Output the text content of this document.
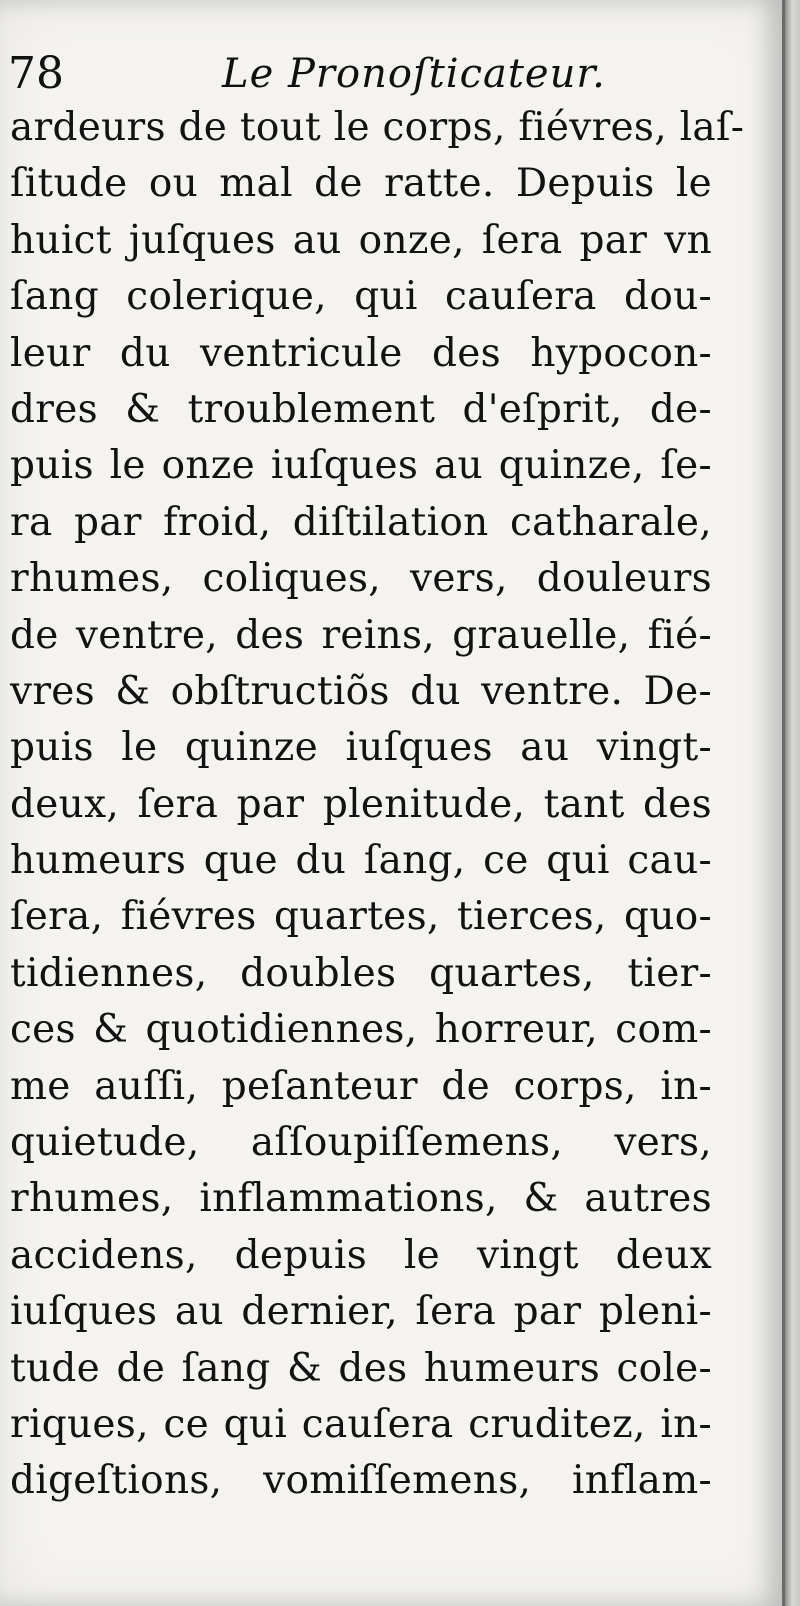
78	Le Pronoſticateur.
ardeurs de tout le corps, fiévres, laſ-
ſitude ou mal de ratte. Depuis le
huict juſques au onze, ſera par vn
ſang colerique, qui cauſera dou-
leur du ventricule des hypocon-
dres & troublement d'eſprit, de-
puis le onze iuſques au quinze, ſe-
ra par froid, diſtilation catharale,
rhumes, coliques, vers, douleurs
de ventre, des reins, grauelle, fié-
vres & obſtructiõs du ventre. De-
puis le quinze iuſques au vingt-
deux, ſera par plenitude, tant des
humeurs que du ſang, ce qui cau-
ſera, fiévres quartes, tierces, quo-
tidiennes, doubles quartes, tier-
ces & quotidiennes, horreur, com-
me auſſi, peſanteur de corps, in-
quietude, aſſoupiſſemens, vers,
rhumes, inflammations, & autres
accidens, depuis le vingt deux
iuſques au dernier, ſera par pleni-
tude de ſang & des humeurs cole-
riques, ce qui cauſera cruditez, in-
digeſtions, vomiſſemens, inflam-
